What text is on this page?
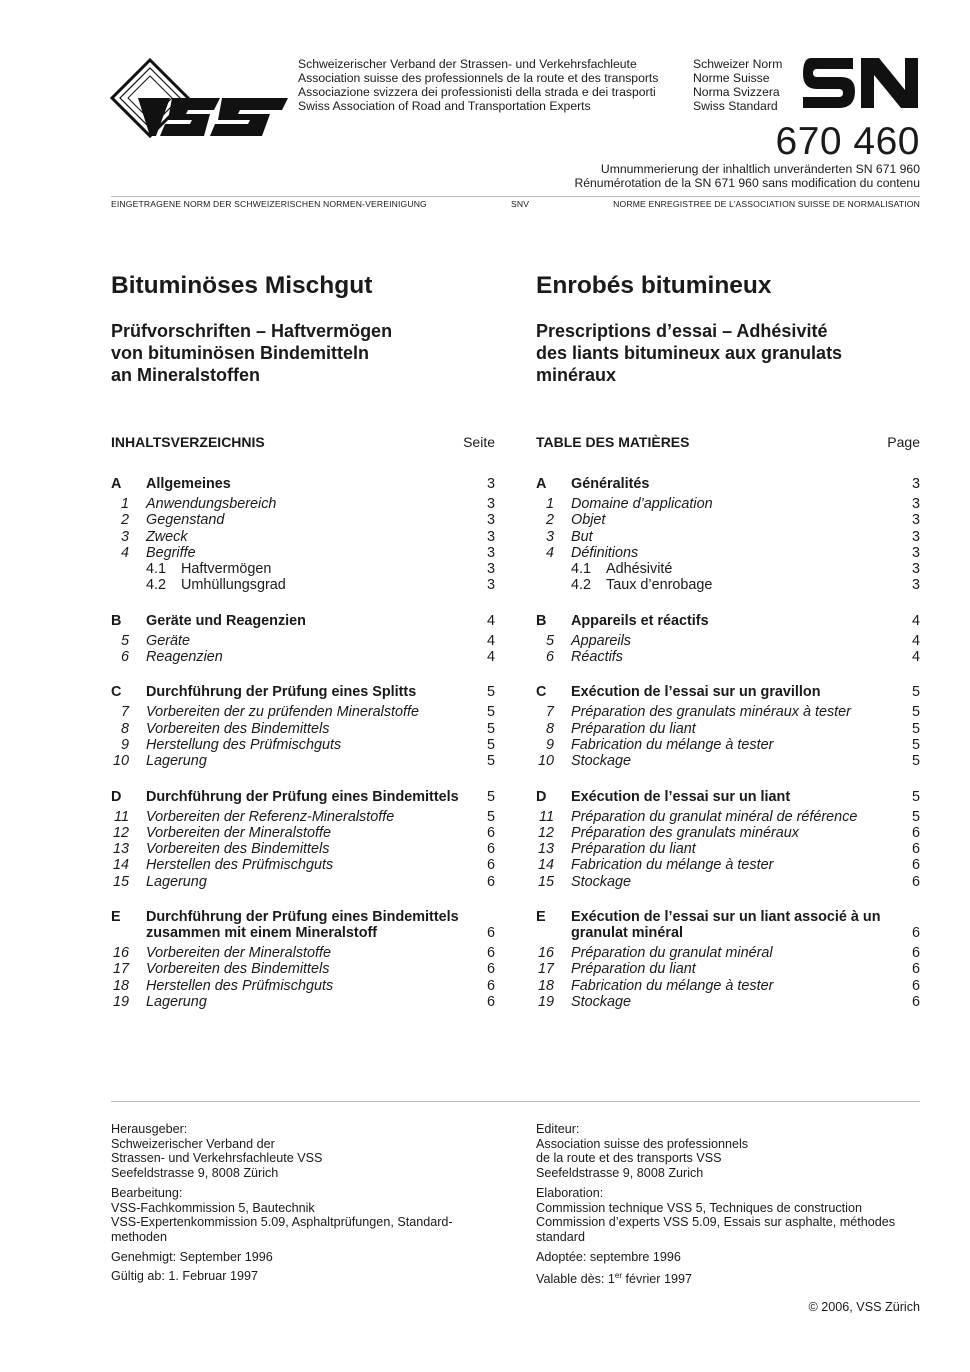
Schweizerischer Verband der Strassen- und Verkehrsfachleute
Association suisse des professionnels de la route et des transports
Associazione svizzera dei professionisti della strada e dei trasporti
Swiss Association of Road and Transportation Experts
Schweizer Norm
Norme Suisse
Norma Svizzera
Swiss Standard
670 460
Umnummerierung der inhaltlich unveränderten SN 671 960
Rénumérotation de la SN 671 960 sans modification du contenu
EINGETRAGENE NORM DER SCHWEIZERISCHEN NORMEN-VEREINIGUNG	SNV	NORME ENREGISTREE DE L’ASSOCIATION SUISSE DE NORMALISATION
Bituminöses Mischgut	Enrobés bitumineux
Prüfvorschriften – Haftvermögen
von bituminösen Bindemitteln
an Mineralstoffen
Prescriptions d’essai – Adhésivité
des liants bitumineux aux granulats
minéraux
INHALTSVERZEICHNIS	Seite	TABLE DES MATIÈRES	Page
A	Allgemeines	3
1	Anwendungsbereich	3
2	Gegenstand	3
3	Zweck	3
4	Begriffe	3
4.1	Haftvermögen	3
4.2	Umhüllungsgrad	3
B	Geräte und Reagenzien	4
5	Geräte	4
6	Reagenzien	4
C	Durchführung der Prüfung eines Splitts	5
7	Vorbereiten der zu prüfenden Mineralstoffe	5
8	Vorbereiten des Bindemittels	5
9	Herstellung des Prüfmischguts	5
10	Lagerung	5
D	Durchführung der Prüfung eines Bindemittels	5
11	Vorbereiten der Referenz-Mineralstoffe	5
12	Vorbereiten der Mineralstoffe	6
13	Vorbereiten des Bindemittels	6
14	Herstellen des Prüfmischguts	6
15	Lagerung	6
E	Durchführung der Prüfung eines Bindemittels zusammen mit einem Mineralstoff	6
16	Vorbereiten der Mineralstoffe	6
17	Vorbereiten des Bindemittels	6
18	Herstellen des Prüfmischguts	6
19	Lagerung	6
A	Généralités	3
1	Domaine d’application	3
2	Objet	3
3	But	3
4	Définitions	3
4.1	Adhésivité	3
4.2	Taux d’enrobage	3
B	Appareils et réactifs	4
5	Appareils	4
6	Réactifs	4
C	Exécution de l’essai sur un gravillon	5
7	Préparation des granulats minéraux à tester	5
8	Préparation du liant	5
9	Fabrication du mélange à tester	5
10	Stockage	5
D	Exécution de l’essai sur un liant	5
11	Préparation du granulat minéral de référence	5
12	Préparation des granulats minéraux	6
13	Préparation du liant	6
14	Fabrication du mélange à tester	6
15	Stockage	6
E	Exécution de l’essai sur un liant associé à un granulat minéral	6
16	Préparation du granulat minéral	6
17	Préparation du liant	6
18	Fabrication du mélange à tester	6
19	Stockage	6
Herausgeber:
Schweizerischer Verband der
Strassen- und Verkehrsfachleute VSS
Seefeldstrasse 9, 8008 Zürich
Bearbeitung:
VSS-Fachkommission 5, Bautechnik
VSS-Expertenkommission 5.09, Asphaltprüfungen, Standard-
methoden
Genehmigt: September 1996
Gültig ab: 1. Februar 1997
Editeur:
Association suisse des professionnels
de la route et des transports VSS
Seefeldstrasse 9, 8008 Zurich
Elaboration:
Commission technique VSS 5, Techniques de construction
Commission d’experts VSS 5.09, Essais sur asphalte, méthodes
standard
Adoptée: septembre 1996
Valable dès: 1er février 1997
© 2006, VSS Zürich
